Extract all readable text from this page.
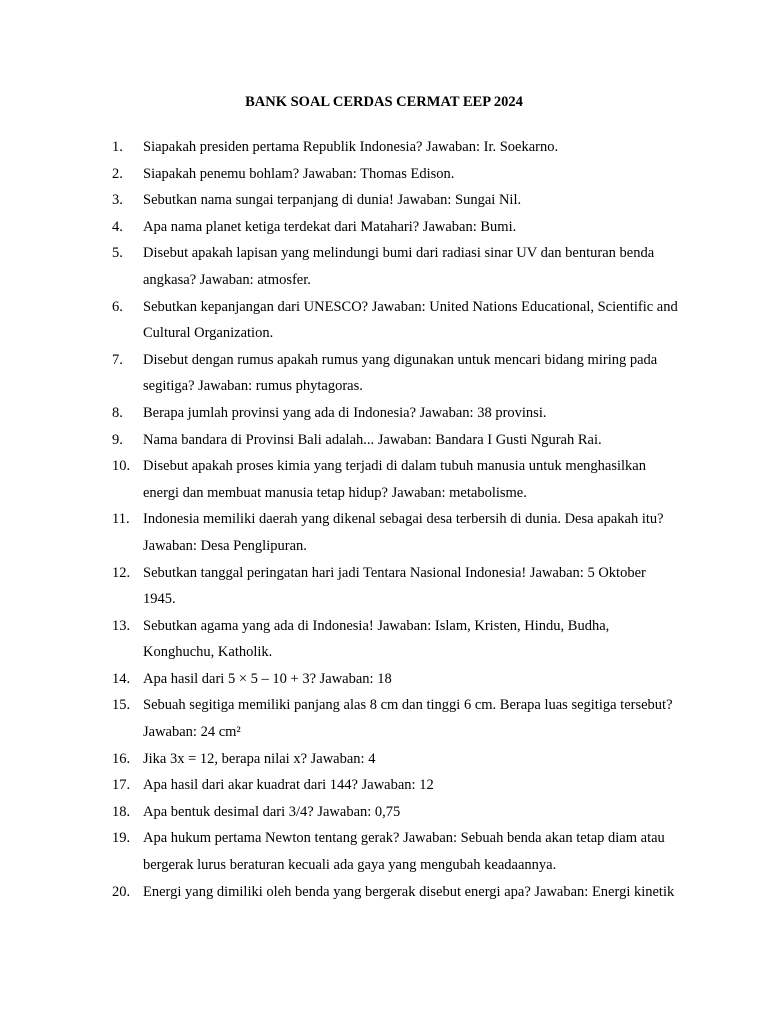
BANK SOAL CERDAS CERMAT EEP 2024
1. Siapakah presiden pertama Republik Indonesia? Jawaban: Ir. Soekarno.
2. Siapakah penemu bohlam? Jawaban: Thomas Edison.
3. Sebutkan nama sungai terpanjang di dunia! Jawaban: Sungai Nil.
4. Apa nama planet ketiga terdekat dari Matahari? Jawaban: Bumi.
5. Disebut apakah lapisan yang melindungi bumi dari radiasi sinar UV dan benturan benda angkasa? Jawaban: atmosfer.
6. Sebutkan kepanjangan dari UNESCO? Jawaban: United Nations Educational, Scientific and Cultural Organization.
7. Disebut dengan rumus apakah rumus yang digunakan untuk mencari bidang miring pada segitiga? Jawaban: rumus phytagoras.
8. Berapa jumlah provinsi yang ada di Indonesia? Jawaban: 38 provinsi.
9. Nama bandara di Provinsi Bali adalah... Jawaban: Bandara I Gusti Ngurah Rai.
10. Disebut apakah proses kimia yang terjadi di dalam tubuh manusia untuk menghasilkan energi dan membuat manusia tetap hidup? Jawaban: metabolisme.
11. Indonesia memiliki daerah yang dikenal sebagai desa terbersih di dunia. Desa apakah itu? Jawaban: Desa Penglipuran.
12. Sebutkan tanggal peringatan hari jadi Tentara Nasional Indonesia! Jawaban: 5 Oktober 1945.
13. Sebutkan agama yang ada di Indonesia! Jawaban: Islam, Kristen, Hindu, Budha, Konghuchu, Katholik.
14. Apa hasil dari 5 × 5 – 10 + 3? Jawaban: 18
15. Sebuah segitiga memiliki panjang alas 8 cm dan tinggi 6 cm. Berapa luas segitiga tersebut? Jawaban: 24 cm²
16. Jika 3x = 12, berapa nilai x? Jawaban: 4
17. Apa hasil dari akar kuadrat dari 144? Jawaban: 12
18. Apa bentuk desimal dari 3/4? Jawaban: 0,75
19. Apa hukum pertama Newton tentang gerak? Jawaban: Sebuah benda akan tetap diam atau bergerak lurus beraturan kecuali ada gaya yang mengubah keadaannya.
20. Energi yang dimiliki oleh benda yang bergerak disebut energi apa? Jawaban: Energi kinetik
